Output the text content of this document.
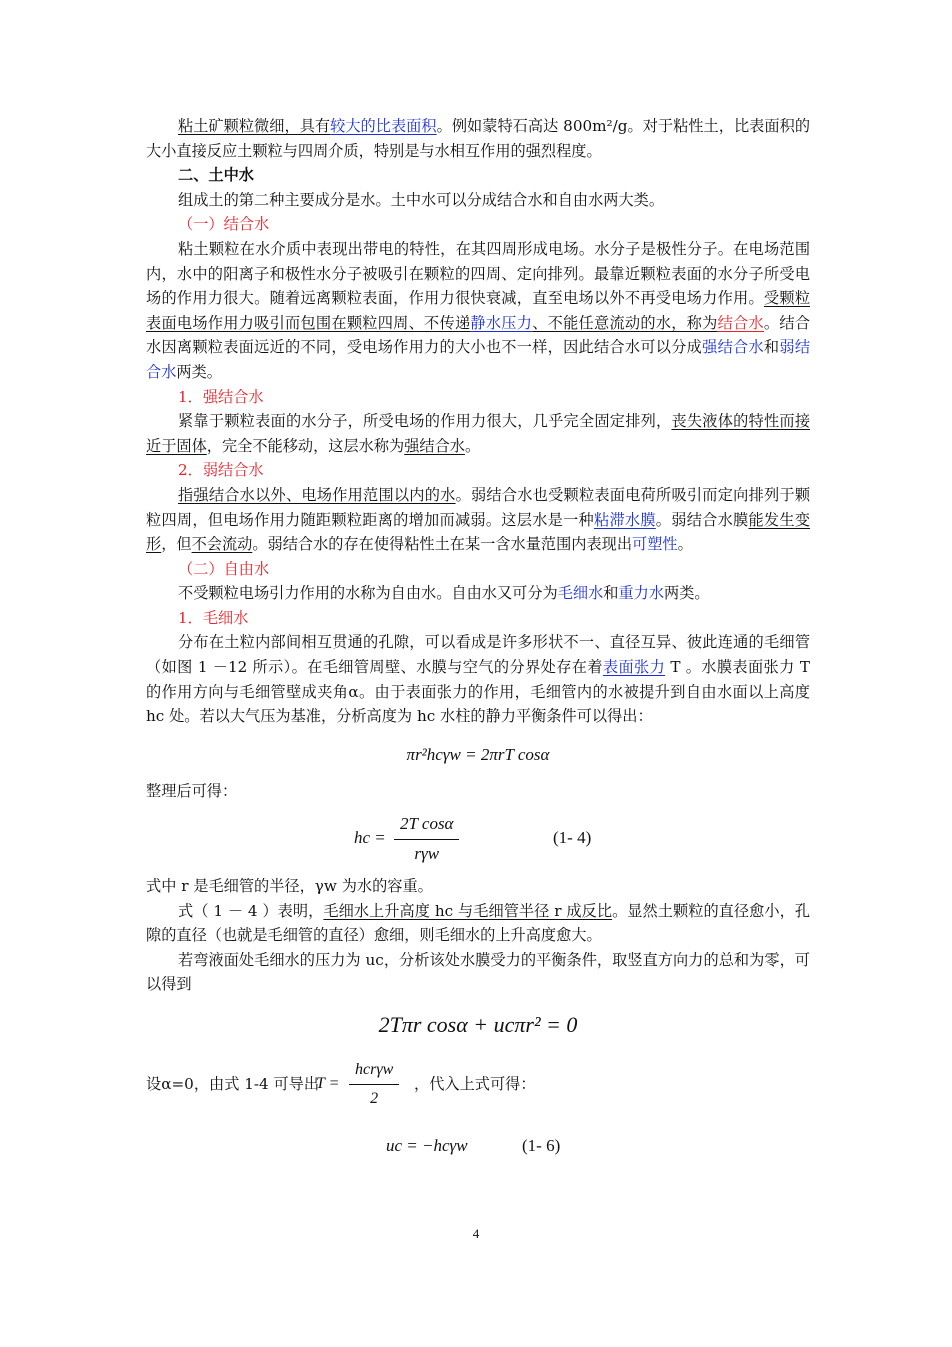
粘土矿颗粒微细，具有较大的比表面积。例如蒙特石高达 800m²/g。对于粘性土，比表面积的大小直接反应土颗粒与四周介质，特别是与水相互作用的强烈程度。

二、土中水

组成土的第二种主要成分是水。土中水可以分成结合水和自由水两大类。

（一）结合水

粘土颗粒在水介质中表现出带电的特性，在其四周形成电场。水分子是极性分子。在电场范围内，水中的阳离子和极性水分子被吸引在颗粒的四周、定向排列。最靠近颗粒表面的水分子所受电场的作用力很大。随着远离颗粒表面，作用力很快衰减，直至电场以外不再受电场力作用。受颗粒表面电场作用力吸引而包围在颗粒四周、不传递静水压力、不能任意流动的水，称为结合水。结合水因离颗粒表面远近的不同，受电场作用力的大小也不一样，因此结合水可以分成强结合水和弱结合水两类。

1．强结合水

紧靠于颗粒表面的水分子，所受电场的作用力很大，几乎完全固定排列，丧失液体的特性而接近于固体，完全不能移动，这层水称为强结合水。

2．弱结合水

指强结合水以外、电场作用范围以内的水。弱结合水也受颗粒表面电荷所吸引而定向排列于颗粒四周，但电场作用力随距颗粒距离的增加而减弱。这层水是一种粘滞水膜。弱结合水膜能发生变形，但不会流动。弱结合水的存在使得粘性土在某一含水量范围内表现出可塑性。

（二）自由水

不受颗粒电场引力作用的水称为自由水。自由水又可分为毛细水和重力水两类。

1．毛细水

分布在土粒内部间相互贯通的孔隙，可以看成是许多形状不一、直径互异、彼此连通的毛细管（如图 1 －12 所示）。在毛细管周壁、水膜与空气的分界处存在着表面张力 T 。水膜表面张力 T 的作用方向与毛细管壁成夹角α。由于表面张力的作用，毛细管内的水被提升到自由水面以上高度 hc 处。若以大气压为基准，分析高度为 hc 水柱的静力平衡条件可以得出：

πr²hcγw = 2πrT cosα

整理后可得：

hc =
2T cosα
rγw
(1- 4)

式中 r 是毛细管的半径，γw 为水的容重。

式（ 1 － 4 ）表明，毛细水上升高度 hc 与毛细管半径 r 成反比。显然土颗粒的直径愈小，孔隙的直径（也就是毛细管的直径）愈细，则毛细水的上升高度愈大。

若弯液面处毛细水的压力为 uc，分析该处水膜受力的平衡条件，取竖直方向力的总和为零，可以得到

2Tπr cosα + ucπr² = 0

设α=0，由式 1-4 可导出
T =
hcrγw
2
，代入上式可得：

uc = −hcγw	(1- 6)
4
